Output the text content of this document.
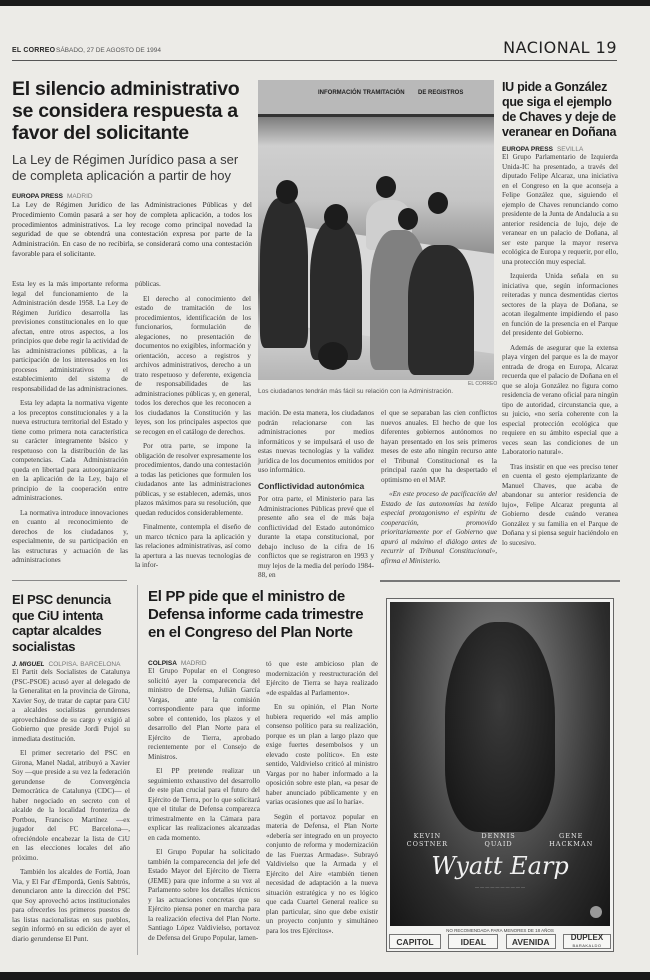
EL CORREO SÁBADO, 27 DE AGOSTO DE 1994	NACIONAL 19
El silencio administrativo se considera respuesta a favor del solicitante
La Ley de Régimen Jurídico pasa a ser de completa aplicación a partir de hoy
EUROPA PRESS MADRID
La Ley de Régimen Jurídico de las Administraciones Públicas y del Procedimiento Común pasará a ser hoy de completa aplicación, a todos los procedimientos administrativos. La ley recoge como principal novedad la seguridad de que se obtendrá una contestación expresa por parte de la Administración. En caso de no recibirla, se considerará como una contestación favorable para el solicitante.

Esta ley es la más importante reforma legal del funcionamiento de la Administración desde 1958. La Ley de Régimen Jurídico desarrolla las previsiones constitucionales en lo que afectan, entre otros aspectos, a los principios que debe regir la actividad de las administraciones públicas, a la participación de los interesados en los procesos administrativos y el establecimiento del sistema de responsabilidad de las administraciones.

Esta ley adapta la normativa vigente a los preceptos constitucionales y a la nueva estructura territorial del Estado y tiene como primera nota característica su carácter íntegramente básico y respetuoso con la distribución de las competencias. Cada Administración queda en libertad para autoorganizarse en la aplicación de la Ley, bajo el principio de la cooperación entre administraciones.

La normativa introduce innovaciones en cuanto al reconocimiento de derechos de los ciudadanos y, especialmente, de su participación en las estructuras y actuación de las administraciones

públicas.

El derecho al conocimiento del estado de tramitación de los procedimientos, identificación de los funcionarios, formulación de alegaciones, no presentación de documentos no exigibles, información y orientación, acceso a registros y archivos administrativos, derecho a un trato respetuoso y deferente, exigencia de responsabilidades de las administraciones públicas y, en general, todos los derechos que les reconocen a los ciudadanos la Constitución y las leyes, son los principales aspectos que se recogen en el catálogo de derechos.

Por otra parte, se impone la obligación de resolver expresamente los procedimientos, dando una contestación a todas las peticiones que formulen los ciudadanos ante las administraciones públicas, y se establecen, además, unos plazos máximos para su resolución, que quedan reducidos considerablemente.

Finalmente, contempla el diseño de un marco técnico para la aplicación y las relaciones administrativas, así como la apertura a las nuevas tecnologías de la infor-

INFORMACIÓN TRAMITACIÓN DE REGISTROS
EL CORREO
Los ciudadanos tendrán más fácil su relación con la Administración.

mación. De esta manera, los ciudadanos podrán relacionarse con las administraciones por medios informáticos y se impulsará el uso de estas nuevas tecnologías y la validez jurídica de los documentos emitidos por uso informático.

Conflictividad autonómica

Por otra parte, el Ministerio para las Administraciones Públicas prevé que el presente año sea el de más baja conflictividad del Estado autonómico durante la etapa constitucional, por debajo incluso de la cifra de 16 conflictos que se registraron en 1993 y muy lejos de la media del período 1984-88, en

el que se separaban las cien conflictos nuevos anuales. El hecho de que los diferentes gobiernos autónomos no hayan presentado en los seis primeros meses de este año ningún recurso ante el Tribunal Constitucional es la principal razón que ha despertado el optimismo en el MAP.

«En este proceso de pacificación del Estado de las autonomías ha tenido especial protagonismo el espíritu de cooperación, promovido prioritariamente por el Gobierno que apuró al máximo el diálogo antes de recurrir al Tribunal Constitucional», afirma el Ministerio.

IU pide a González que siga el ejemplo de Chaves y deje de veranear en Doñana
EUROPA PRESS SEVILLA

El Grupo Parlamentario de Izquierda Unida-IC ha presentado, a través del diputado Felipe Alcaraz, una iniciativa en el Congreso en la que aconseja a Felipe González que, siguiendo el ejemplo de Chaves renunciando como presidente de la Junta de Andalucía a su anterior residencia de lujo, deje de veranear en un palacio de Doñana, al ser este parque la mayor reserva ecológica de Europa y requerir, por ello, una protección muy especial.

Izquierda Unida señala en su iniciativa que, según informaciones reiteradas y nunca desmentidas ciertos sectores de la playa de Doñana, se acotan ilegalmente impidiendo el paso en función de la presencia en el Parque del presidente del Gobierno.

Además de asegurar que la extensa playa virgen del parque es la de mayor entrada de droga en Europa, Alcaraz recuerda que el palacio de Doñana en el que se aloja González no figura como residencia de verano oficial para ningún tipo de autoridad, circunstancia que, a su juicio, «no sería coherente con la especial protección ecológica que requiere en su ámbito especial que a veces sean las condiciones de un Laboratorio natural».

Tras insistir en que «es preciso tener en cuenta el gesto ejemplarizante de Manuel Chaves, que acaba de abandonar su anterior residencia de lujo», Felipe Alcaraz pregunta al Gobierno desde cuándo veranea González y su familia en el Parque de Doñana y si piensa seguir haciéndolo en lo sucesivo.

El PSC denuncia que CiU intenta captar alcaldes socialistas
J. MIGUEL COLPISA. BARCELONA

El Partit dels Socialistes de Catalunya (PSC-PSOE) acusó ayer al delegado de la Generalitat en la provincia de Girona, Xavier Soy, de tratar de captar para CiU a alcaldes socialistas gerundenses aprovechándose de su cargo y exigió al Gobierno que preside Jordi Pujol su inmediata destitución.

El primer secretario del PSC en Girona, Manel Nadal, atribuyó a Xavier Soy —que preside a su vez la federación gerundense de Convergència Democràtica de Catalunya (CDC)— el haber negociado en secreto con el alcalde de la localidad fronteriza de Portbou, Francisco Martínez —ex jugador del FC Barcelona—, ofreciéndole encabezar la lista de CiU en las elecciones locales del año próximo.

También los alcaldes de Fortià, Joan Via, y El Far d'Empordà, Genís Sabtrós, denunciaron ante la dirección del PSC que Soy aprovechó actos institucionales para ofrecerles los primeros puestos de las listas nacionalistas en sus pueblos, según informó en su edición de ayer el diario gerundense El Punt.

El PP pide que el ministro de Defensa informe cada trimestre en el Congreso del Plan Norte
COLPISA MADRID

El Grupo Popular en el Congreso solicitó ayer la comparecencia del ministro de Defensa, Julián García Vargas, ante la comisión correspondiente para que informe sobre el contenido, los plazos y el desarrollo del Plan Norte para el Ejército de Tierra, aprobado recientemente por el Consejo de Ministros.

El PP pretende realizar un seguimiento exhaustivo del desarrollo de este plan crucial para el futuro del Ejército de Tierra, por lo que solicitará que el titular de Defensa comparezca trimestralmente en la Cámara para explicar las realizaciones alcanzadas en cada momento.

El Grupo Popular ha solicitado también la comparecencia del jefe del Estado Mayor del Ejército de Tierra (JEME) para que informe a su vez al Parlamento sobre los detalles técnicos y las actuaciones concretas que su Ejército piensa poner en marcha para la realización efectiva del Plan Norte. Santiago López Valdivielso, portavoz de Defensa del Grupo Popular, lamen-

tó que este ambicioso plan de modernización y reestructuración del Ejército de Tierra se haya realizado «de espaldas al Parlamento».

En su opinión, el Plan Norte hubiera requerido «el más amplio consenso político para su realización, porque es un plan a largo plazo que exige fuertes desembolsos y un elevado coste político». En este sentido, Valdivielso criticó al ministro Vargas por no haber informado a la oposición sobre este plan, «a pesar de haber anunciado públicamente y en varias ocasiones que así lo haría».

Según el portavoz popular en materia de Defensa, el Plan Norte «debería ser integrado en un proyecto conjunto de reforma y modernización de las Fuerzas Armadas». Subrayó Valdivielso que la Armada y el Ejército del Aire «también tienen necesidad de adaptación a la nueva situación estratégica y no es lógico que cada Cuartel General realice su plan particular, sino que debe existir un proyecto conjunto y simultáneo para los tres Ejércitos».

KEVIN
COSTNER
DENNIS
QUAID
GENE
HACKMAN
Wyatt Earp
— — — — — — — — — —
NO RECOMENDADA PARA MENORES DE 18 AÑOS
CAPITOL	IDEAL	AVENIDA	DUPLEX
BARAKALDO
